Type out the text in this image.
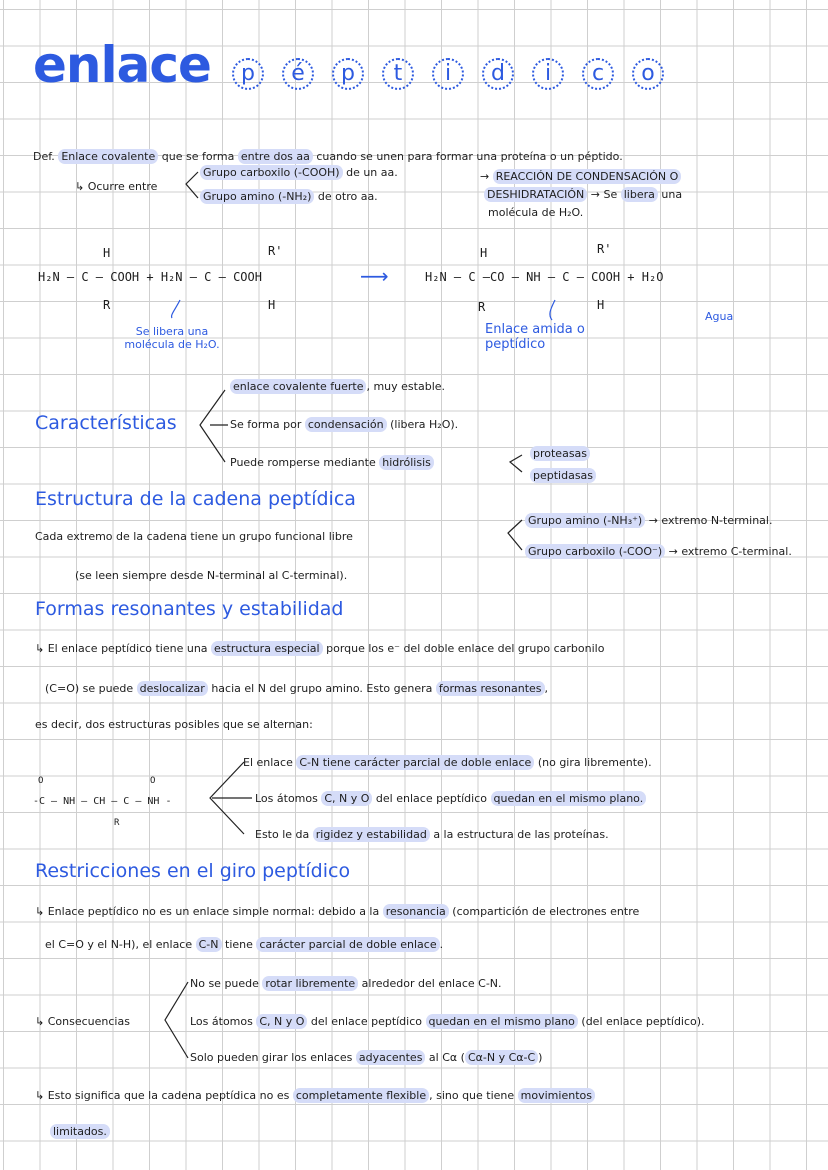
enlace	p é p t i d i c o
Def. Enlace covalente que se forma entre dos aa cuando se unen para formar una proteína o un péptido.
↳ Ocurre entre
Grupo carboxilo (-COOH) de un aa.
Grupo amino (-NH₂) de otro aa.
→ REACCIÓN DE CONDENSACIÓN O
DESHIDRATACIÓN → Se libera una
molécula de H₂O.
H₂N – C – COOH + H₂N – C – COOH	⟶	H₂N – C –CO – NH – C – COOH + H₂O
H
R
R'
H
H
R
R'
H
Se libera una molécula de H₂O.
Enlace amida o peptídico
Agua
Características
enlace covalente fuerte , muy estable.
Se forma por condensación (libera H₂O).
Puede romperse mediante hidrólisis
proteasas
peptidasas
Estructura de la cadena peptídica
Cada extremo de la cadena tiene un grupo funcional libre
Grupo amino (-NH₃⁺) → extremo N-terminal.
Grupo carboxilo (-COO⁻) → extremo C-terminal.
(se leen siempre desde N-terminal al C-terminal).
Formas resonantes y estabilidad
↳ El enlace peptídico tiene una estructura especial porque los e⁻ del doble enlace del grupo carbonilo
(C=O) se puede deslocalizar hacia el N del grupo amino. Esto genera formas resonantes ,
es decir, dos estructuras posibles que se alternan:
-C – NH – CH – C – NH -
O	O
R
El enlace C-N tiene carácter parcial de doble enlace (no gira libremente).
Los átomos C, N y O del enlace peptídico quedan en el mismo plano.
Esto le da rigidez y estabilidad a la estructura de las proteínas.
Restricciones en el giro peptídico
↳ Enlace peptídico no es un enlace simple normal: debido a la resonancia (compartición de electrones entre
el C=O y el N-H), el enlace C-N tiene carácter parcial de doble enlace .
↳ Consecuencias
No se puede rotar libremente alrededor del enlace C-N.
Los átomos C, N y O del enlace peptídico quedan en el mismo plano (del enlace peptídico).
Solo pueden girar los enlaces adyacentes al Cα ( Cα-N y Cα-C )
↳ Esto significa que la cadena peptídica no es completamente flexible , sino que tiene movimientos
limitados.
